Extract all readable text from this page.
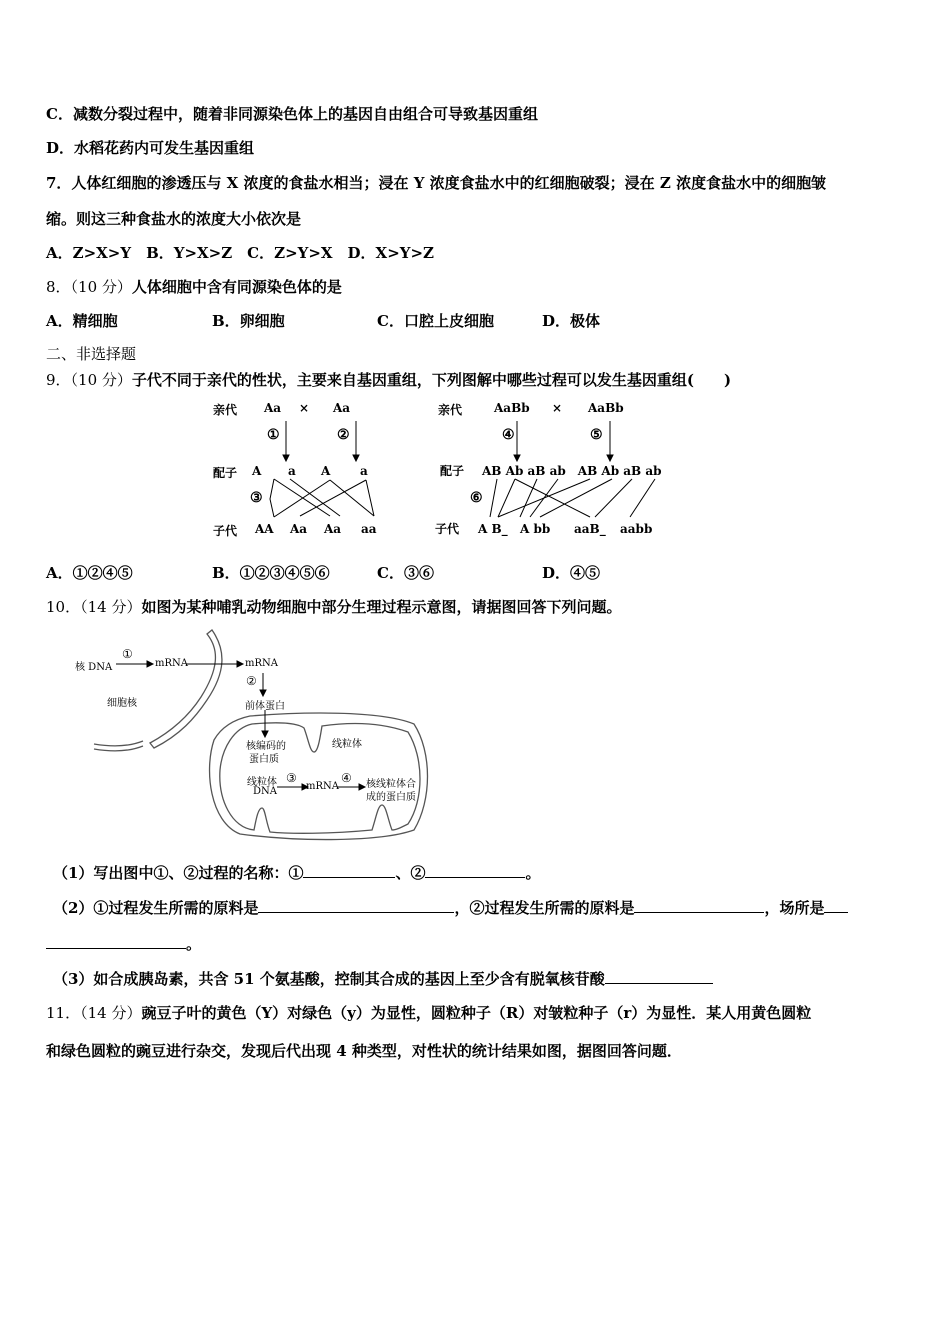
C．减数分裂过程中，随着非同源染色体上的基因自由组合可导致基因重组
D．水稻花药内可发生基因重组
7．人体红细胞的渗透压与 X 浓度的食盐水相当；浸在 Y 浓度食盐水中的红细胞破裂；浸在 Z 浓度食盐水中的细胞皱
缩。则这三种食盐水的浓度大小依次是
A．Z>X>Y　B．Y>X>Z　C．Z>Y>X　D．X>Y>Z
8．（10 分）人体细胞中含有同源染色体的是
A．精细胞	B．卵细胞	C．口腔上皮细胞	D．极体
二、非选择题
9．（10 分）子代不同于亲代的性状，主要来自基因重组，下列图解中哪些过程可以发生基因重组(　　)
亲代 Aa × Aa
①	②
配子 A a A a
③
子代 AA Aa Aa aa
亲代	AaBb × AaBb
④	⑤
配子 AB Ab aB ab　AB Ab aB ab
⑥
子代 A B_ A bb aaB_ aabb
A．①②④⑤	B．①②③④⑤⑥	C．③⑥	D．④⑤
10．（14 分）如图为某种哺乳动物细胞中部分生理过程示意图，请据图回答下列问题。
核 DNA
①
mRNA	mRNA
②
细胞核	前体蛋白
线粒体
核编码的
蛋白质
线粒体
DNA
③
mRNA
④ 核线粒体合
成的蛋白质
（1）写出图中①、②过程的名称：①	、②	。
（2）①过程发生所需的原料是	，②过程发生所需的原料是	，场所是
。
（3）如合成胰岛素，共含 51 个氨基酸，控制其合成的基因上至少含有脱氧核苷酸
11．（14 分）豌豆子叶的黄色（Y）对绿色（y）为显性，圆粒种子（R）对皱粒种子（r）为显性．某人用黄色圆粒
和绿色圆粒的豌豆进行杂交，发现后代出现 4 种类型，对性状的统计结果如图，据图回答问题．
